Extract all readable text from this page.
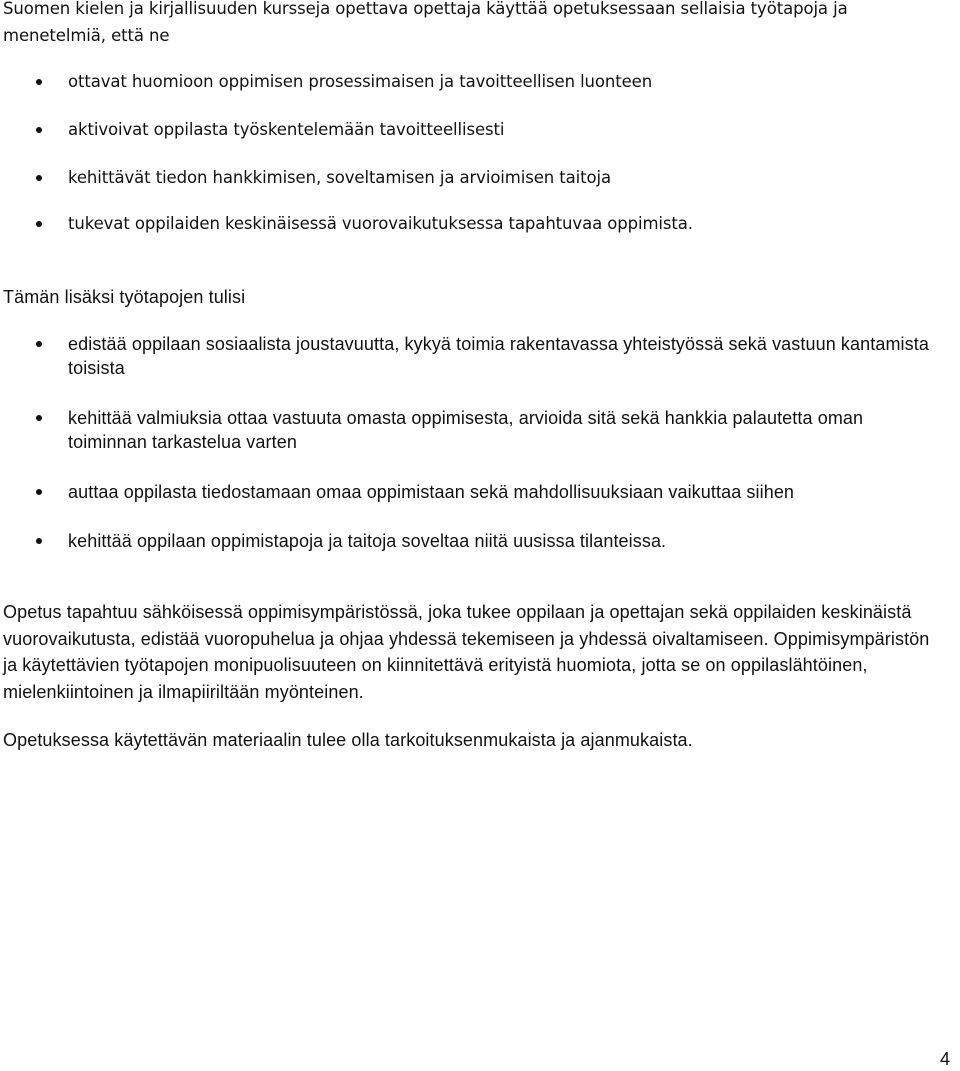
Suomen kielen ja kirjallisuuden kursseja opettava opettaja käyttää opetuksessaan sellaisia työtapoja ja menetelmiä, että ne

ottavat huomioon oppimisen prosessimaisen ja tavoitteellisen luonteen
aktivoivat oppilasta työskentelemään tavoitteellisesti
kehittävät tiedon hankkimisen, soveltamisen ja arvioimisen taitoja
tukevat oppilaiden keskinäisessä vuorovaikutuksessa tapahtuvaa oppimista.

Tämän lisäksi työtapojen tulisi

edistää oppilaan sosiaalista joustavuutta, kykyä toimia rakentavassa yhteistyössä sekä vastuun kantamista toisista
kehittää valmiuksia ottaa vastuuta omasta oppimisesta, arvioida sitä sekä hankkia palautetta oman toiminnan tarkastelua varten
auttaa oppilasta tiedostamaan omaa oppimistaan sekä mahdollisuuksiaan vaikuttaa siihen
kehittää oppilaan oppimistapoja ja taitoja soveltaa niitä uusissa tilanteissa.

Opetus tapahtuu sähköisessä oppimisympäristössä, joka tukee oppilaan ja opettajan sekä oppilaiden keskinäistä vuorovaikutusta, edistää vuoropuhelua ja ohjaa yhdessä tekemiseen ja yhdessä oivaltamiseen. Oppimisympäristön ja käytettävien työtapojen monipuolisuuteen on kiinnitettävä erityistä huomiota, jotta se on oppilaslähtöinen, mielenkiintoinen ja ilmapiiriltään myönteinen.

Opetuksessa käytettävän materiaalin tulee olla tarkoituksenmukaista ja ajanmukaista.

4
